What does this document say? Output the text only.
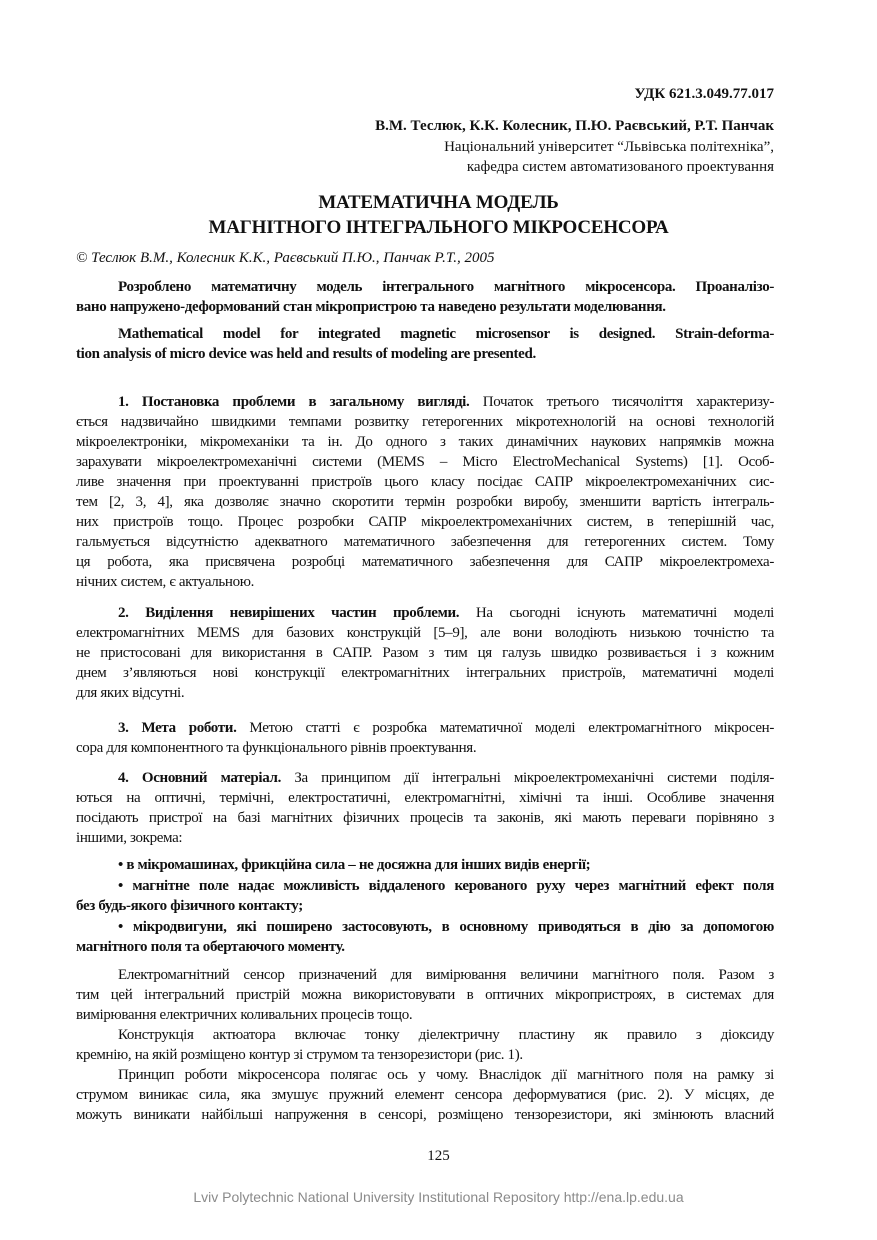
УДК 621.3.049.77.017
В.М. Теслюк, К.К. Колесник, П.Ю. Раєвський, Р.Т. Панчак
Національний університет “Львівська політехніка”,
кафедра систем автоматизованого проектування
МАТЕМАТИЧНА МОДЕЛЬ
МАГНІТНОГО ІНТЕГРАЛЬНОГО МІКРОСЕНСОРА
© Теслюк В.М., Колесник К.К., Раєвський П.Ю., Панчак Р.Т., 2005
Розроблено математичну модель інтегрального магнітного мікросенсора. Проаналізо-
вано напружено-деформований стан мікропристрою та наведено результати моделювання.
Mathematical model for integrated magnetic microsensor is designed. Strain-deforma-
tion analysis of micro device was held and results of modeling are presented.
1. Постановка проблеми в загальному вигляді. Початок третього тисячоліття характеризу-
ється надзвичайно швидкими темпами розвитку гетерогенних мікротехнологій на основі технологій
мікроелектроніки, мікромеханіки та ін. До одного з таких динамічних наукових напрямків можна
зарахувати мікроелектромеханічні системи (MEMS – Micro ElectroMechanical Systems) [1]. Особ-
ливе значення при проектуванні пристроїв цього класу посідає САПР мікроелектромеханічних сис-
тем [2, 3, 4], яка дозволяє значно скоротити термін розробки виробу, зменшити вартість інтеграль-
них пристроїв тощо. Процес розробки САПР мікроелектромеханічних систем, в теперішній час,
гальмується відсутністю адекватного математичного забезпечення для гетерогенних систем. Тому
ця робота, яка присвячена розробці математичного забезпечення для САПР мікроелектромеха-
нічних систем, є актуальною.
2. Виділення невирішених частин проблеми. На сьогодні існують математичні моделі
електромагнітних MEMS для базових конструкцій [5–9], але вони володіють низькою точністю та
не пристосовані для використання в САПР. Разом з тим ця галузь швидко розвивається і з кожним
днем з’являються нові конструкції електромагнітних інтегральних пристроїв, математичні моделі
для яких відсутні.
3. Мета роботи. Метою статті є розробка математичної моделі електромагнітного мікросен-
сора для компонентного та функціонального рівнів проектування.
4. Основний матеріал. За принципом дії інтегральні мікроелектромеханічні системи поділя-
ються на оптичні, термічні, електростатичні, електромагнітні, хімічні та інші. Особливе значення
посідають пристрої на базі магнітних фізичних процесів та законів, які мають переваги порівняно з
іншими, зокрема:
• в мікромашинах, фрикційна сила – не досяжна для інших видів енергії;
• магнітне поле надає можливість віддаленого керованого руху через магнітний ефект поля
без будь-якого фізичного контакту;
• мікродвигуни, які поширено застосовують, в основному приводяться в дію за допомогою
магнітного поля та обертаючого моменту.
Електромагнітний сенсор призначений для вимірювання величини магнітного поля. Разом з
тим цей інтегральний пристрій можна використовувати в оптичних мікропристроях, в системах для
вимірювання електричних коливальних процесів тощо.
Конструкція актюатора включає тонку діелектричну пластину як правило з діоксиду
кремнію, на якій розміщено контур зі струмом та тензорезистори (рис. 1).
Принцип роботи мікросенсора полягає ось у чому. Внаслідок дії магнітного поля на рамку зі
струмом виникає сила, яка змушує пружний елемент сенсора деформуватися (рис. 2). У місцях, де
можуть виникати найбільші напруження в сенсорі, розміщено тензорезистори, які змінюють власний
125
Lviv Polytechnic National University Institutional Repository http://ena.lp.edu.ua
